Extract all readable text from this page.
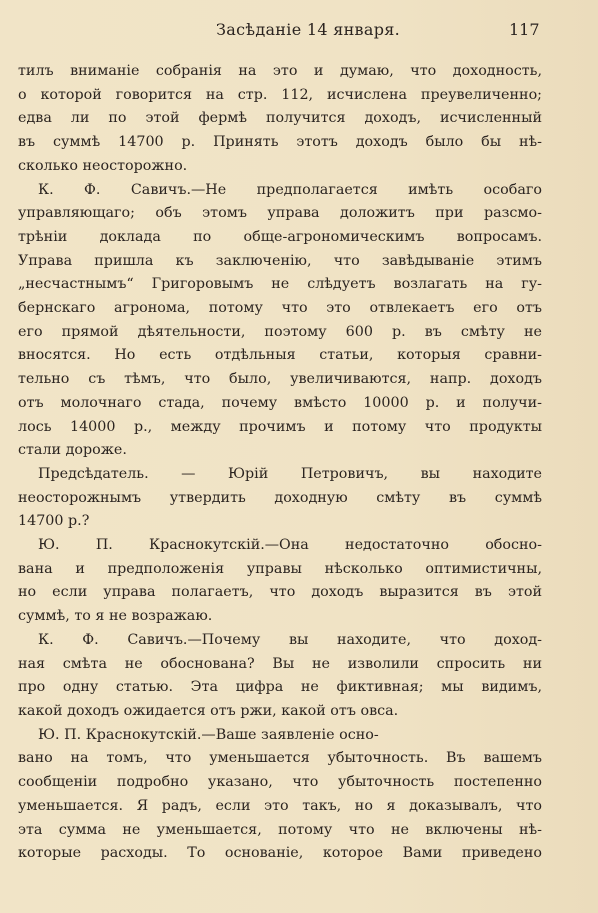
Засѣданіе 14 января.	117
тилъ вниманіе собранія на это и думаю, что доходность,
о которой говорится на стр. 112, исчислена преувеличенно;
едва ли по этой фермѣ получится доходъ, исчисленный
въ суммѣ 14700 р. Принять этотъ доходъ было бы нѣ-
сколько неосторожно.
К. Ф. Савичъ.—Не предполагается имѣть особаго
управляющаго; объ этомъ управа доложитъ при разсмо-
трѣніи доклада по обще-агрономическимъ вопросамъ.
Управа пришла къ заключенію, что завѣдываніе этимъ
„несчастнымъ“ Григоровымъ не слѣдуетъ возлагать на гу-
бернскаго агронома, потому что это отвлекаетъ его отъ
его прямой дѣятельности, поэтому 600 р. въ смѣту не
вносятся. Но есть отдѣльныя статьи, которыя сравни-
тельно съ тѣмъ, что было, увеличиваются, напр. доходъ
отъ молочнаго стада, почему вмѣсто 10000 р. и получи-
лось 14000 р., между прочимъ и потому что продукты
стали дороже.
Предсѣдатель. — Юрій Петровичъ, вы находите
неосторожнымъ утвердить доходную смѣту въ суммѣ
14700 р.?
Ю. П. Краснокутскій.—Она недостаточно обосно-
вана и предположенія управы нѣсколько оптимистичны,
но если управа полагаетъ, что доходъ выразится въ этой
суммѣ, то я не возражаю.
К. Ф. Савичъ.—Почему вы находите, что доход-
ная смѣта не обоснована? Вы не изволили спросить ни
про одну статью. Эта цифра не фиктивная; мы видимъ,
какой доходъ ожидается отъ ржи, какой отъ овса.
Ю. П. Краснокутскій.—Ваше заявленіе осно-
вано на томъ, что уменьшается убыточность. Въ вашемъ
сообщеніи подробно указано, что убыточность постепенно
уменьшается. Я радъ, если это такъ, но я доказывалъ, что
эта сумма не уменьшается, потому что не включены нѣ-
которые расходы. То основаніе, которое Вами приведено
